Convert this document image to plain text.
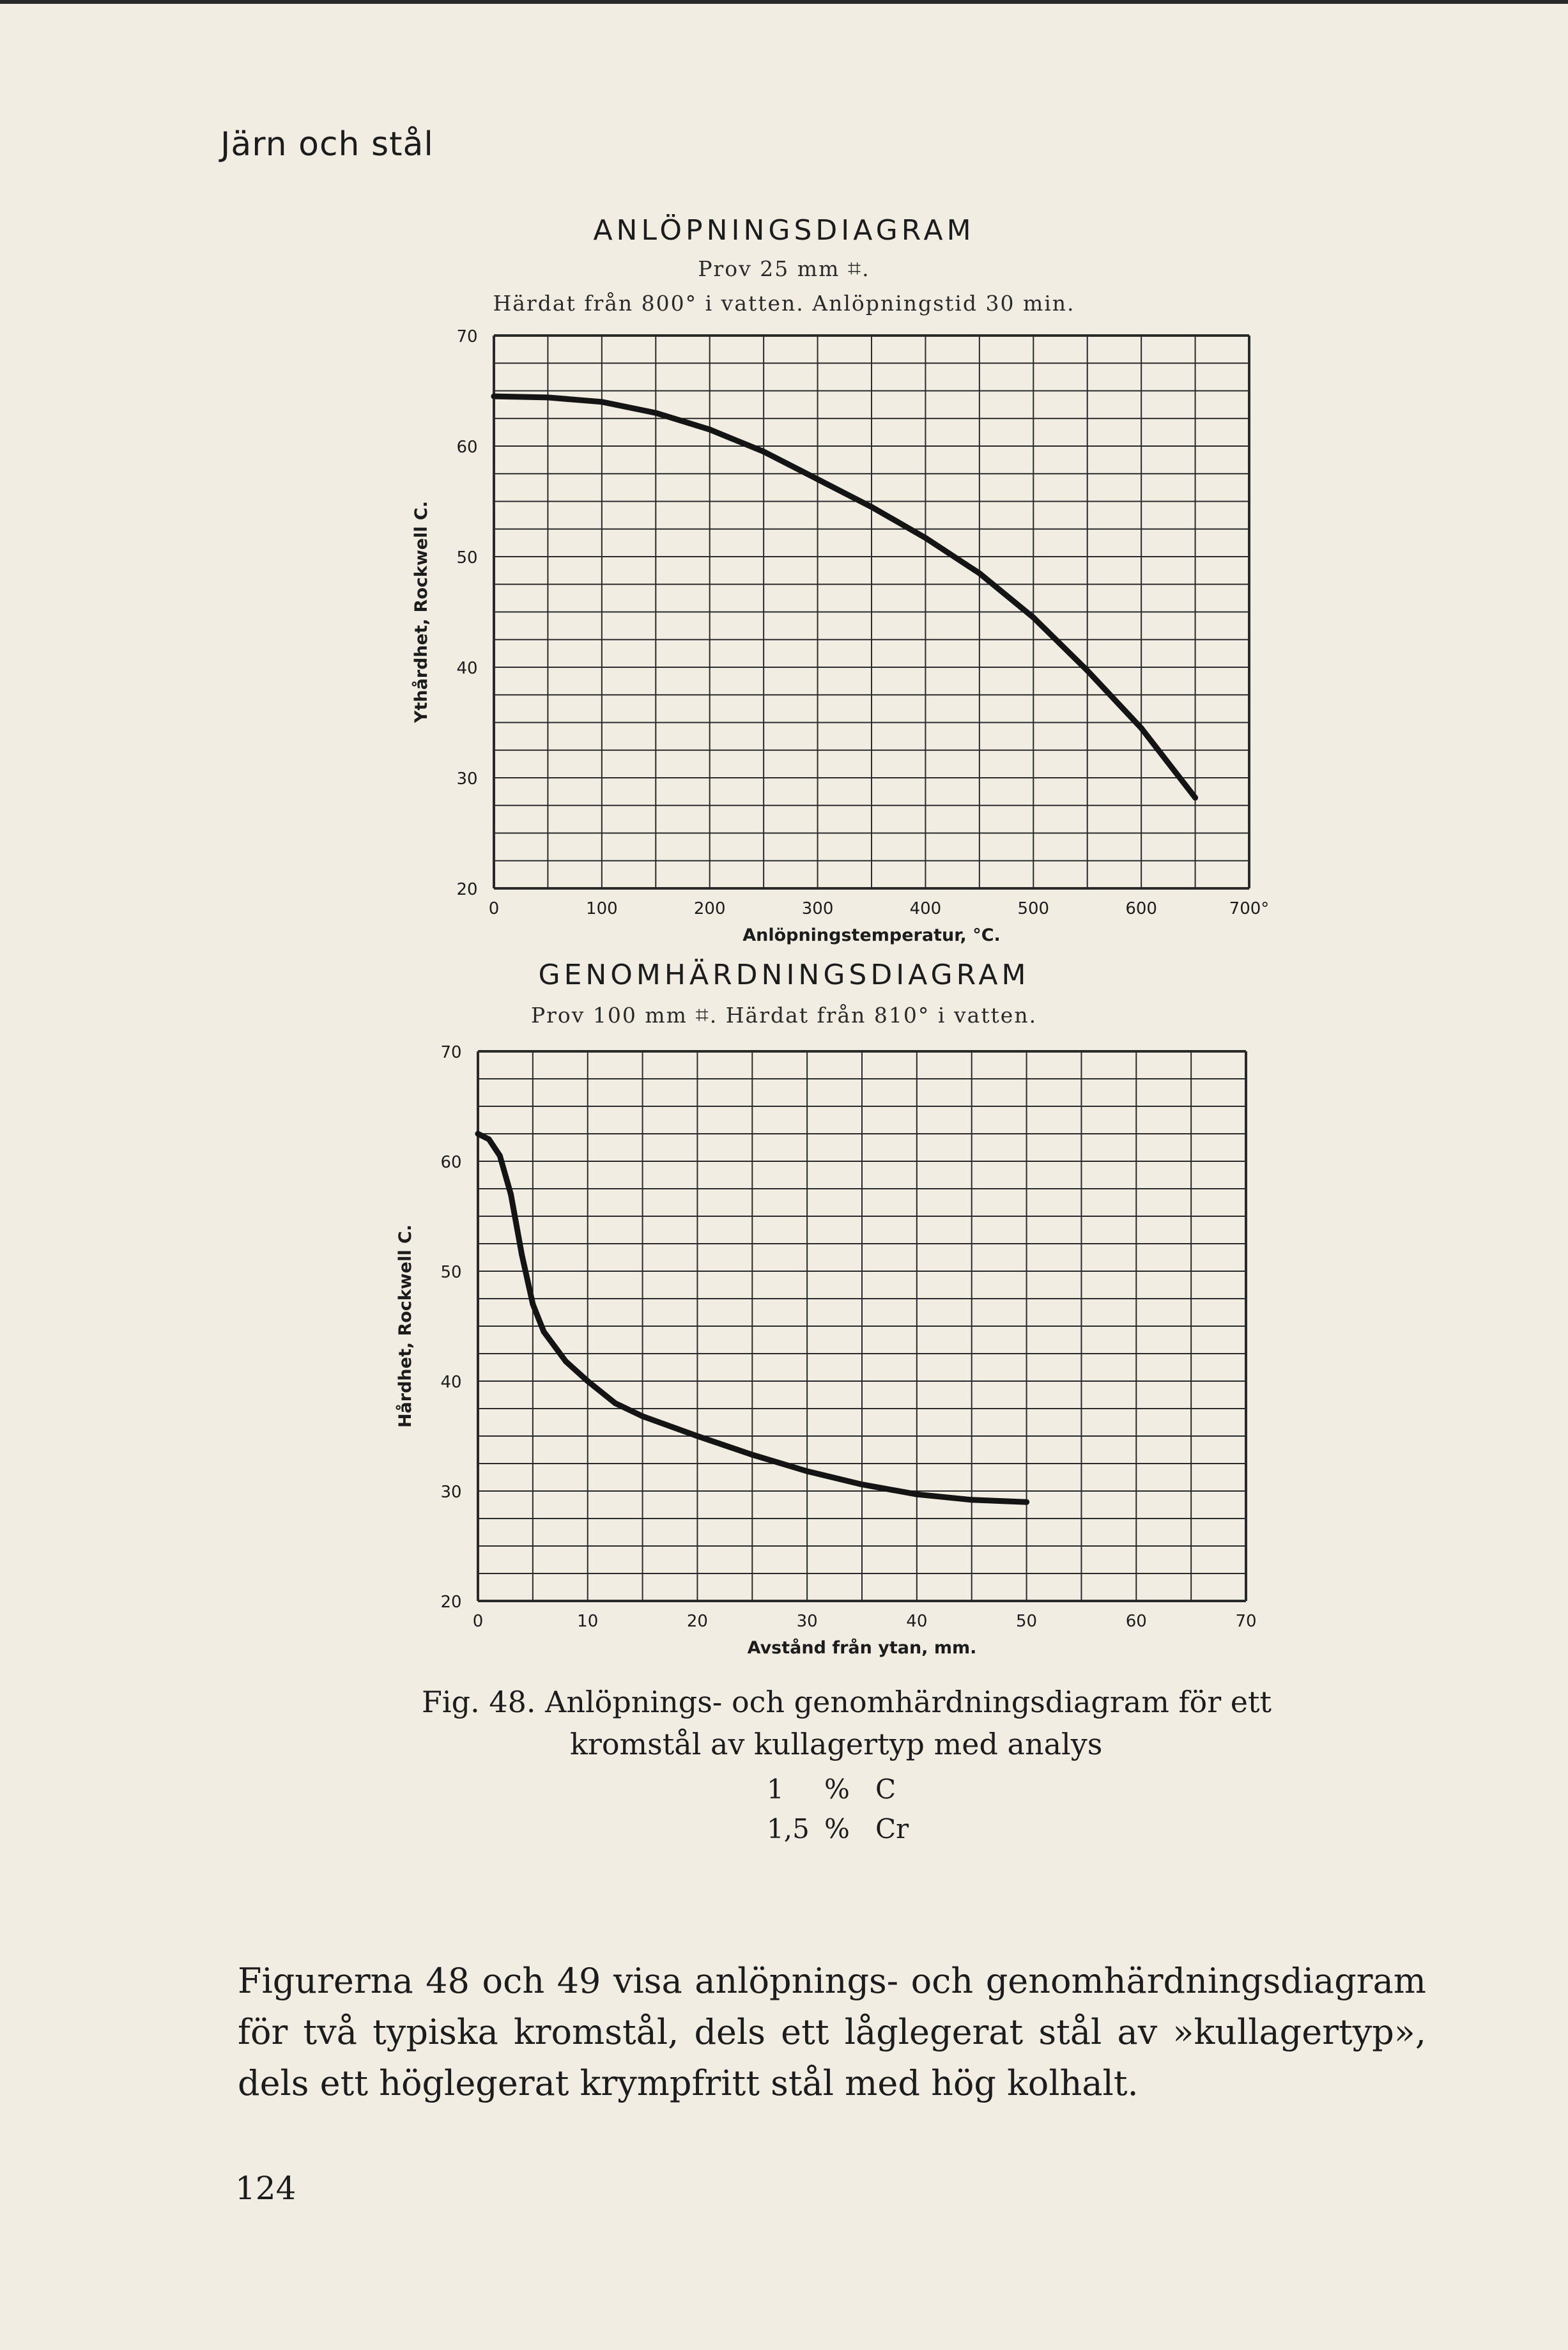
Järn och stål
ANLÖPNINGSDIAGRAM
Prov 25 mm ⌗.
Härdat från 800° i vatten. Anlöpningstid 30 min.
GENOMHÄRDNINGSDIAGRAM
Prov 100 mm ⌗. Härdat från 810° i vatten.
70
60
50
40
30
20
0	100	200	300	400	500	600	700°
Anlöpningstemperatur, °C.
Ythårdhet, Rockwell C.
70
60
50
40
30
20
0	10	20	30	40	50	60	70
Avstånd från ytan, mm.
Hårdhet, Rockwell C.
Fig. 48. Anlöpnings- och genomhärdningsdiagram för ett
kromstål av kullagertyp med analys
1 % C
1,5 % Cr
Figurerna 48 och 49 visa anlöpnings- och genomhärdningsdiagram för två typiska kromstål, dels ett låglegerat stål av »kullagertyp», dels ett höglegerat krympfritt stål med hög kolhalt.
124
